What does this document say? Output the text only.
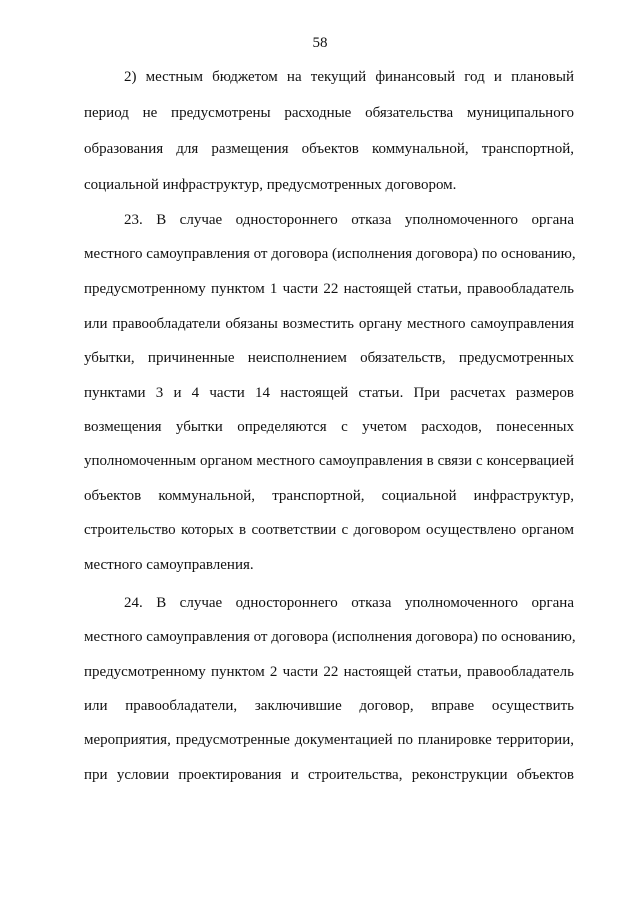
58
2) местным бюджетом на текущий финансовый год и плановый
период не предусмотрены расходные обязательства муниципального
образования для размещения объектов коммунальной, транспортной,
социальной инфраструктур, предусмотренных договором.
23. В случае одностороннего отказа уполномоченного органа
местного самоуправления от договора (исполнения договора) по основанию,
предусмотренному пунктом 1 части 22 настоящей статьи, правообладатель
или правообладатели обязаны возместить органу местного самоуправления
убытки, причиненные неисполнением обязательств, предусмотренных
пунктами 3 и 4 части 14 настоящей статьи. При расчетах размеров
возмещения убытки определяются с учетом расходов, понесенных
уполномоченным органом местного самоуправления в связи с консервацией
объектов коммунальной, транспортной, социальной инфраструктур,
строительство которых в соответствии с договором осуществлено органом
местного самоуправления.
24. В случае одностороннего отказа уполномоченного органа
местного самоуправления от договора (исполнения договора) по основанию,
предусмотренному пунктом 2 части 22 настоящей статьи, правообладатель
или правообладатели, заключившие договор, вправе осуществить
мероприятия, предусмотренные документацией по планировке территории,
при условии проектирования и строительства, реконструкции объектов
